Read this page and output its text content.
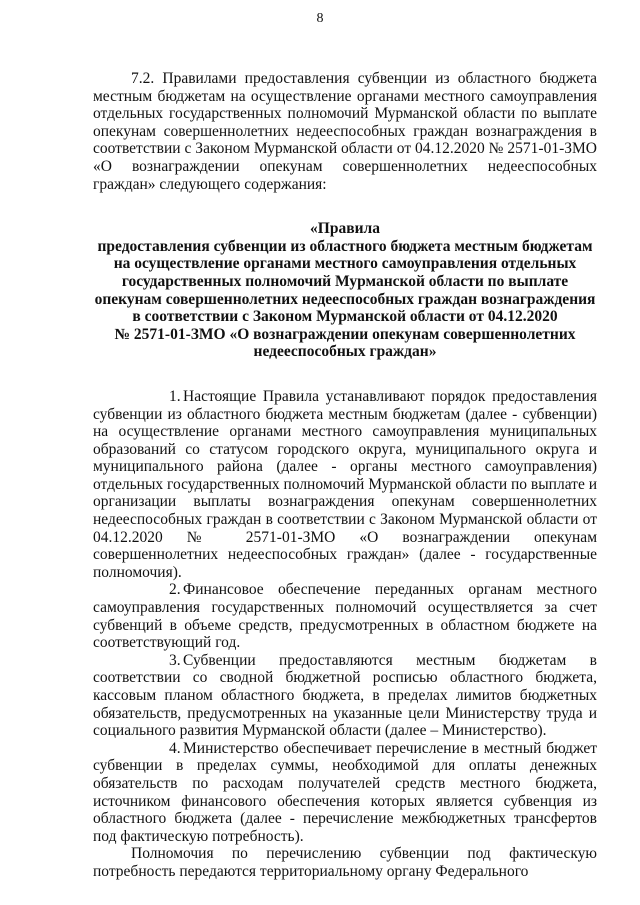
8

7.2. Правилами предоставления субвенции из областного бюджета местным бюджетам на осуществление органами местного самоуправления отдельных государственных полномочий Мурманской области по выплате опекунам совершеннолетних недееспособных граждан вознаграждения в соответствии с Законом Мурманской области от 04.12.2020 № 2571-01-ЗМО «О вознаграждении опекунам совершеннолетних недееспособных граждан» следующего содержания:

«Правила
предоставления субвенции из областного бюджета местным бюджетам
на осуществление органами местного самоуправления отдельных
государственных полномочий Мурманской области по выплате
опекунам совершеннолетних недееспособных граждан вознаграждения
в соответствии с Законом Мурманской области от 04.12.2020
№ 2571-01-ЗМО «О вознаграждении опекунам совершеннолетних
недееспособных граждан»

1. Настоящие Правила устанавливают порядок предоставления субвенции из областного бюджета местным бюджетам (далее - субвенции) на осуществление органами местного самоуправления муниципальных образований со статусом городского округа, муниципального округа и муниципального района (далее - органы местного самоуправления) отдельных государственных полномочий Мурманской области по выплате и организации выплаты вознаграждения опекунам совершеннолетних недееспособных граждан в соответствии с Законом Мурманской области от 04.12.2020 № 2571-01-ЗМО «О вознаграждении опекунам совершеннолетних недееспособных граждан» (далее - государственные полномочия).

2. Финансовое обеспечение переданных органам местного самоуправления государственных полномочий осуществляется за счет субвенций в объеме средств, предусмотренных в областном бюджете на соответствующий год.

3. Субвенции предоставляются местным бюджетам в соответствии со сводной бюджетной росписью областного бюджета, кассовым планом областного бюджета, в пределах лимитов бюджетных обязательств, предусмотренных на указанные цели Министерству труда и социального развития Мурманской области (далее – Министерство).

4. Министерство обеспечивает перечисление в местный бюджет субвенции в пределах суммы, необходимой для оплаты денежных обязательств по расходам получателей средств местного бюджета, источником финансового обеспечения которых является субвенция из областного бюджета (далее - перечисление межбюджетных трансфертов под фактическую потребность).

Полномочия по перечислению субвенции под фактическую потребность передаются территориальному органу Федерального
